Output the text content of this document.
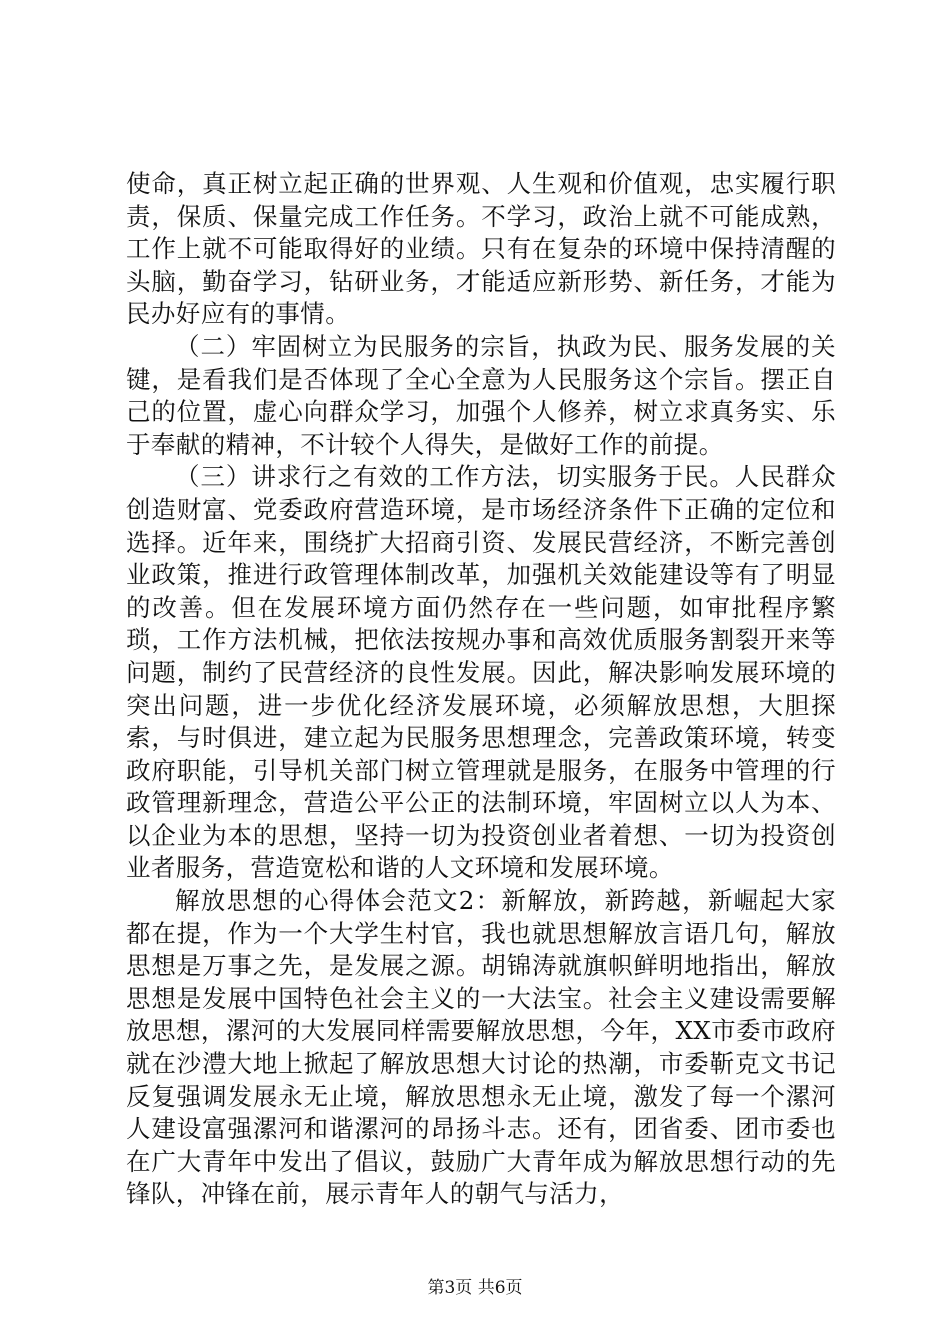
使命，真正树立起正确的世界观、人生观和价值观，忠实履行职责，保质、保量完成工作任务。不学习，政治上就不可能成熟，工作上就不可能取得好的业绩。只有在复杂的环境中保持清醒的头脑，勤奋学习，钻研业务，才能适应新形势、新任务，才能为民办好应有的事情。

（二）牢固树立为民服务的宗旨，执政为民、服务发展的关键，是看我们是否体现了全心全意为人民服务这个宗旨。摆正自己的位置，虚心向群众学习，加强个人修养，树立求真务实、乐于奉献的精神，不计较个人得失，是做好工作的前提。

（三）讲求行之有效的工作方法，切实服务于民。人民群众创造财富、党委政府营造环境，是市场经济条件下正确的定位和选择。近年来，围绕扩大招商引资、发展民营经济，不断完善创业政策，推进行政管理体制改革，加强机关效能建设等有了明显的改善。但在发展环境方面仍然存在一些问题，如审批程序繁琐，工作方法机械，把依法按规办事和高效优质服务割裂开来等问题，制约了民营经济的良性发展。因此，解决影响发展环境的突出问题，进一步优化经济发展环境，必须解放思想，大胆探索，与时俱进，建立起为民服务思想理念，完善政策环境，转变政府职能，引导机关部门树立管理就是服务，在服务中管理的行政管理新理念，营造公平公正的法制环境，牢固树立以人为本、以企业为本的思想，坚持一切为投资创业者着想、一切为投资创业者服务，营造宽松和谐的人文环境和发展环境。

解放思想的心得体会范文2：新解放，新跨越，新崛起大家都在提，作为一个大学生村官，我也就思想解放言语几句，解放思想是万事之先，是发展之源。胡锦涛就旗帜鲜明地指出，解放思想是发展中国特色社会主义的一大法宝。社会主义建设需要解放思想，漯河的大发展同样需要解放思想，今年，XX市委市政府就在沙澧大地上掀起了解放思想大讨论的热潮，市委靳克文书记反复强调发展永无止境，解放思想永无止境，激发了每一个漯河人建设富强漯河和谐漯河的昂扬斗志。还有，团省委、团市委也在广大青年中发出了倡议，鼓励广大青年成为解放思想行动的先锋队，冲锋在前，展示青年人的朝气与活力，

第3页 共6页
